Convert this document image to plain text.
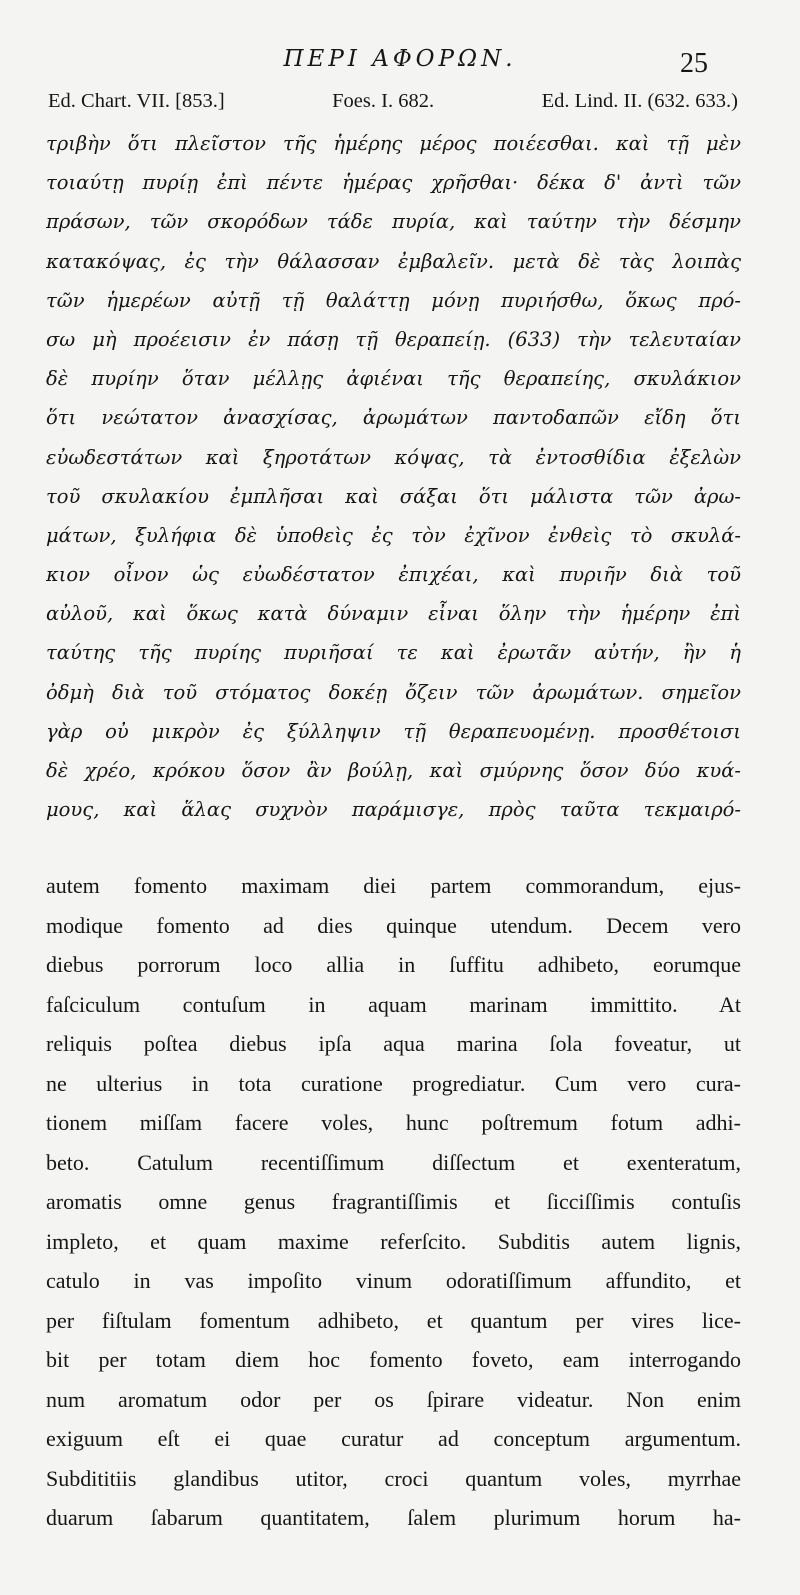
ΠΕΡΙ ΑΦΟΡΩΝ.	25
Ed. Chart. VII. [853.]	Foes. I. 682.	Ed. Lind. II. (632. 633.)
τριβὴν ὅτι πλεῖστον τῆς ἡμέρης μέρος ποιέεσθαι. καὶ τῇ μὲν
τοιαύτῃ πυρίῃ ἐπὶ πέντε ἡμέρας χρῆσθαι· δέκα δ' ἀντὶ τῶν
πράσων, τῶν σκορόδων τάδε πυρία, καὶ ταύτην τὴν δέσμην
κατακόψας, ἐς τὴν θάλασσαν ἐμβαλεῖν. μετὰ δὲ τὰς λοιπὰς
τῶν ἡμερέων αὐτῇ τῇ θαλάττῃ μόνῃ πυριήσθω, ὅκως πρό-
σω μὴ προέεισιν ἐν πάσῃ τῇ θεραπείῃ. (633) τὴν τελευταίαν
δὲ πυρίην ὅταν μέλλῃς ἀφιέναι τῆς θεραπείης, σκυλάκιον
ὅτι νεώτατον ἀνασχίσας, ἀρωμάτων παντοδαπῶν εἴδη ὅτι
εὐωδεστάτων καὶ ξηροτάτων κόψας, τὰ ἐντοσθίδια ἐξελὼν
τοῦ σκυλακίου ἐμπλῆσαι καὶ σάξαι ὅτι μάλιστα τῶν ἀρω-
μάτων, ξυλήφια δὲ ὑποθεὶς ἐς τὸν ἐχῖνον ἐνθεὶς τὸ σκυλά-
κιον οἶνον ὡς εὐωδέστατον ἐπιχέαι, καὶ πυριῆν διὰ τοῦ
αὐλοῦ, καὶ ὅκως κατὰ δύναμιν εἶναι ὅλην τὴν ἡμέρην ἐπὶ
ταύτης τῆς πυρίης πυριῆσαί τε καὶ ἐρωτᾶν αὐτήν, ἢν ἡ
ὀδμὴ διὰ τοῦ στόματος δοκέῃ ὄζειν τῶν ἀρωμάτων. σημεῖον
γὰρ οὐ μικρὸν ἐς ξύλληψιν τῇ θεραπευομένῃ. προσθέτοισι
δὲ χρέο, κρόκου ὅσον ἂν βούλῃ, καὶ σμύρνης ὅσον δύο κυά-
μους, καὶ ἅλας συχνὸν παράμισγε, πρὸς ταῦτα τεκμαιρό-
autem fomento maximam diei partem commorandum, ejus-
modique fomento ad dies quinque utendum. Decem vero
diebus porrorum loco allia in ſuffitu adhibeto, eorumque
faſciculum contuſum in aquam marinam immittito. At
reliquis poſtea diebus ipſa aqua marina ſola foveatur, ut
ne ulterius in tota curatione progrediatur. Cum vero cura-
tionem miſſam facere voles, hunc poſtremum fotum adhi-
beto. Catulum recentiſſimum diſſectum et exenteratum,
aromatis omne genus fragrantiſſimis et ſicciſſimis contuſis
impleto, et quam maxime referſcito. Subditis autem lignis,
catulo in vas impoſito vinum odoratiſſimum affundito, et
per fiſtulam fomentum adhibeto, et quantum per vires lice-
bit per totam diem hoc fomento foveto, eam interrogando
num aromatum odor per os ſpirare videatur. Non enim
exiguum eſt ei quae curatur ad conceptum argumentum.
Subdititiis glandibus utitor, croci quantum voles, myrrhae
duarum ſabarum quantitatem, ſalem plurimum horum ha-
